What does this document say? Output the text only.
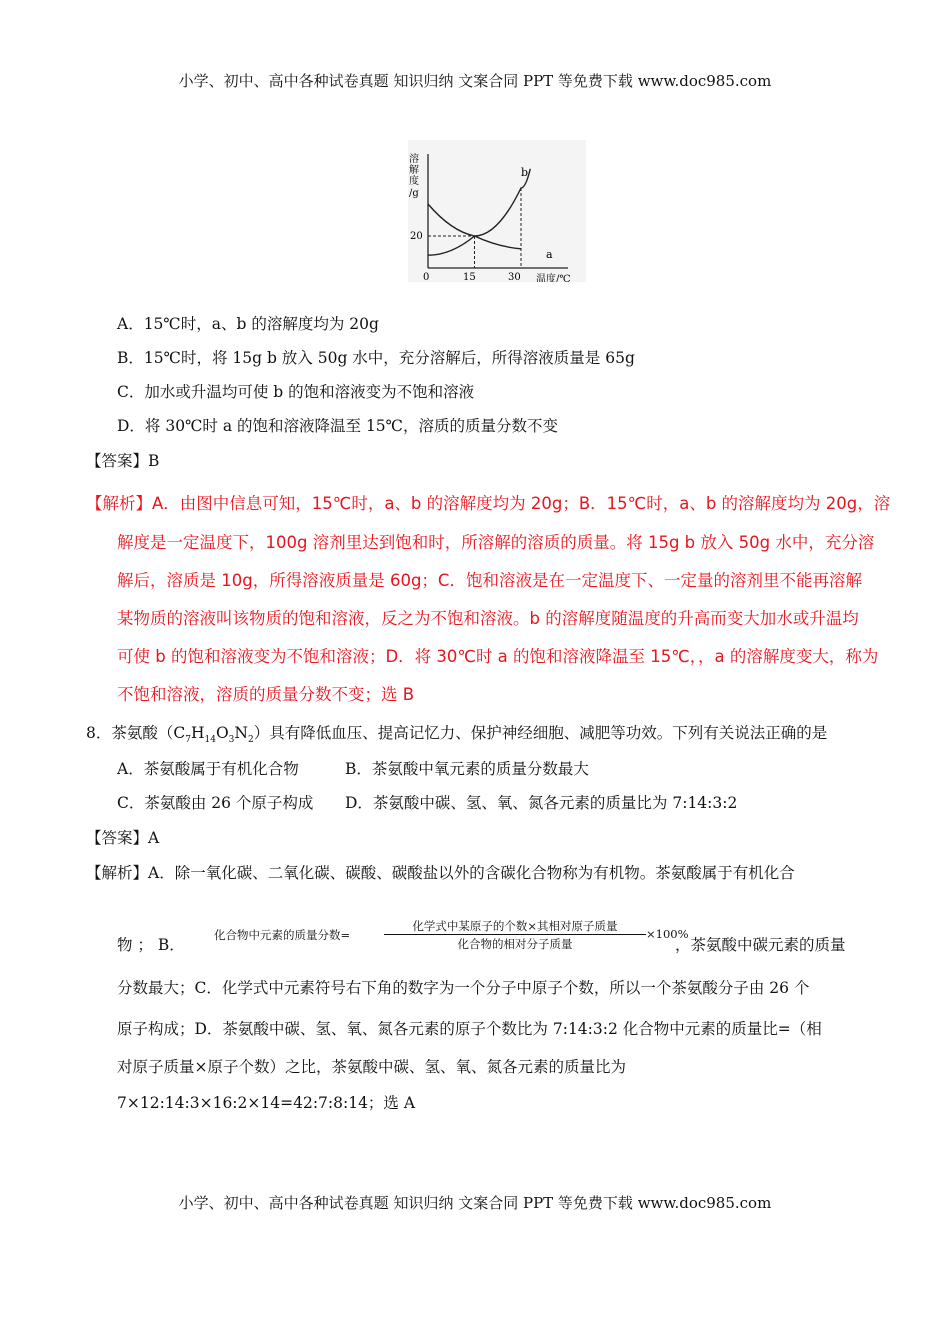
小学、初中、高中各种试卷真题 知识归纳 文案合同 PPT 等免费下载 www.doc985.com
溶
解
度
/g
0	15	30
20
温度/℃
a
b
A．15℃时，a、b 的溶解度均为 20g
B．15℃时，将 15g b 放入 50g 水中，充分溶解后，所得溶液质量是 65g
C．加水或升温均可使 b 的饱和溶液变为不饱和溶液
D．将 30℃时 a 的饱和溶液降温至 15℃，溶质的质量分数不变
【答案】B
【解析】A．由图中信息可知，15℃时，a、b 的溶解度均为 20g；B．15℃时，a、b 的溶解度均为 20g，溶
解度是一定温度下，100g 溶剂里达到饱和时，所溶解的溶质的质量。将 15g b 放入 50g 水中，充分溶
解后，溶质是 10g，所得溶液质量是 60g；C．饱和溶液是在一定温度下、一定量的溶剂里不能再溶解
某物质的溶液叫该物质的饱和溶液，反之为不饱和溶液。b 的溶解度随温度的升高而变大加水或升温均
可使 b 的饱和溶液变为不饱和溶液；D．将 30℃时 a 的饱和溶液降温至 15℃，，a 的溶解度变大，称为
不饱和溶液，溶质的质量分数不变；选 B
8．茶氨酸$(C_7H_{14}O_3N_2)$具有降低血压、提高记忆力、保护神经细胞、减肥等功效。下列有关说法正确的是
A．茶氨酸属于有机化合物	B．茶氨酸中氧元素的质量分数最大
C．茶氨酸由 26 个原子构成 D．茶氨酸中碳、氢、氧、氮各元素的质量比为 7:14:3:2
【答案】A
【解析】A．除一氧化碳、二氧化碳、碳酸、碳酸盐以外的含碳化合物称为有机物。茶氨酸属于有机化合
物 ； B．
化合物中元素的质量分数=
化学式中某原子的个数×其相对原子质量
化合物的相对分子质量
×100%
，茶氨酸中碳元素的质量
分数最大；C．化学式中元素符号右下角的数字为一个分子中原子个数，所以一个茶氨酸分子由 26 个
原子构成；D．茶氨酸中碳、氢、氧、氮各元素的原子个数比为 7:14:3:2 化合物中元素的质量比=（相
对原子质量×原子个数）之比，茶氨酸中碳、氢、氧、氮各元素的质量比为
7×12:14:3×16:2×14=42:7:8:14；选 A
小学、初中、高中各种试卷真题 知识归纳 文案合同 PPT 等免费下载 www.doc985.com
